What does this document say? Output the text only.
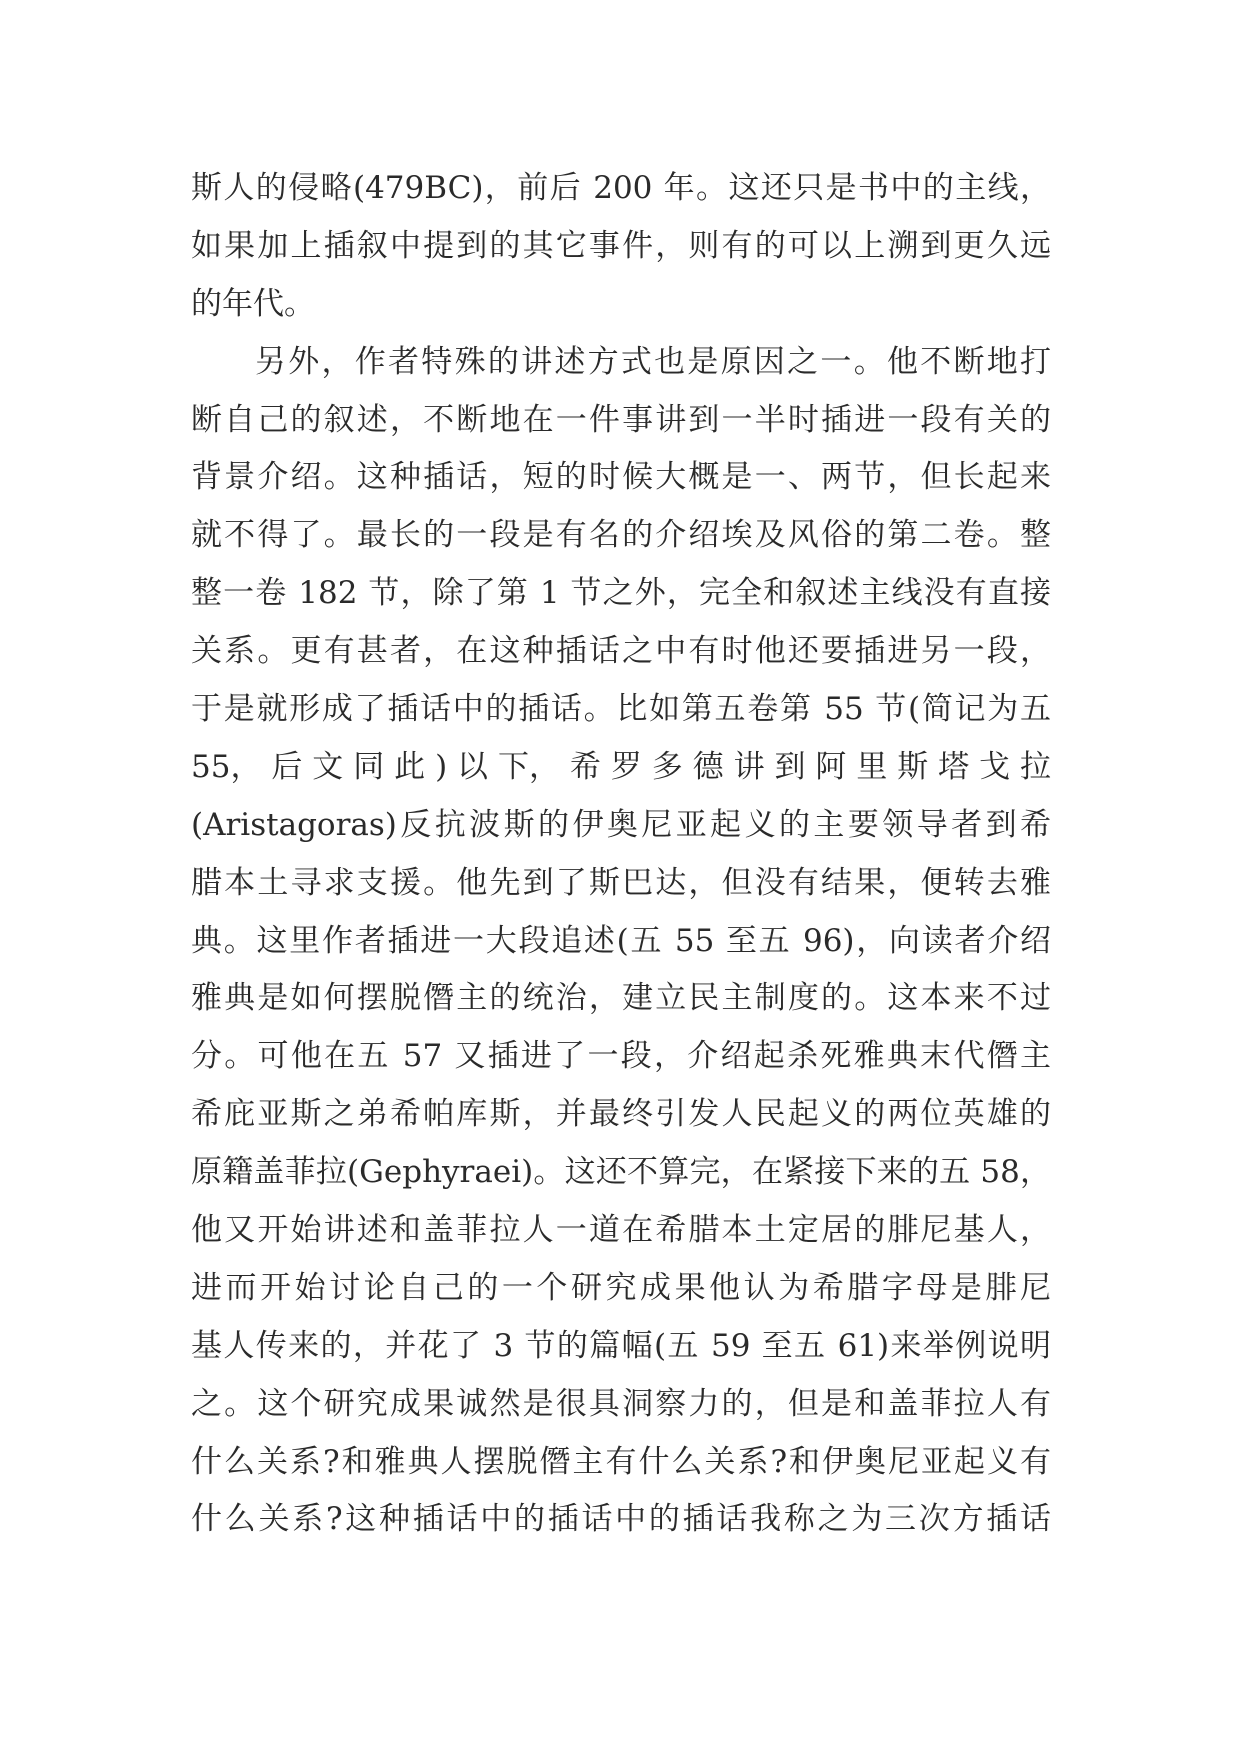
斯人的侵略(479BC)，前后 200 年。这还只是书中的主线，
如果加上插叙中提到的其它事件，则有的可以上溯到更久远
的年代。
另外，作者特殊的讲述方式也是原因之一。他不断地打
断自己的叙述，不断地在一件事讲到一半时插进一段有关的
背景介绍。这种插话，短的时候大概是一、两节，但长起来
就不得了。最长的一段是有名的介绍埃及风俗的第二卷。整
整一卷 182 节，除了第 1 节之外，完全和叙述主线没有直接
关系。更有甚者，在这种插话之中有时他还要插进另一段，
于是就形成了插话中的插话。比如第五卷第 55 节(简记为五
55， 后 文 同 此 ) 以 下， 希 罗 多 德 讲 到 阿 里 斯 塔 戈 拉
(Aristagoras)反抗波斯的伊奥尼亚起义的主要领导者到希
腊本土寻求支援。他先到了斯巴达，但没有结果，便转去雅
典。这里作者插进一大段追述(五 55 至五 96)，向读者介绍
雅典是如何摆脱僭主的统治，建立民主制度的。这本来不过
分。可他在五 57 又插进了一段，介绍起杀死雅典末代僭主
希庇亚斯之弟希帕库斯，并最终引发人民起义的两位英雄的
原籍盖菲拉(Gephyraei)。这还不算完，在紧接下来的五 58，
他又开始讲述和盖菲拉人一道在希腊本土定居的腓尼基人，
进而开始讨论自己的一个研究成果他认为希腊字母是腓尼
基人传来的，并花了 3 节的篇幅(五 59 至五 61)来举例说明
之。这个研究成果诚然是很具洞察力的，但是和盖菲拉人有
什么关系?和雅典人摆脱僭主有什么关系?和伊奥尼亚起义有
什么关系?这种插话中的插话中的插话我称之为三次方插话
